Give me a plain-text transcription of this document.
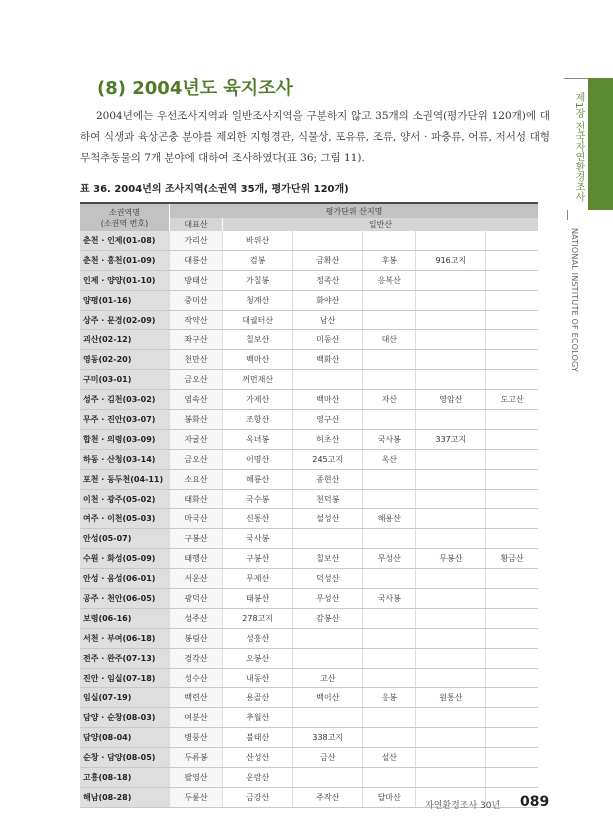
제1장 전국자연환경조사
NATIONAL INSTITUTE OF ECOLOGY
(8) 2004년도 육지조사

2004년에는 우선조사지역과 일반조사지역을 구분하지 않고 35개의 소권역(평가단위 120개)에 대하여 식생과 육상곤충 분야를 제외한 지형경관, 식물상, 포유류, 조류, 양서 · 파충류, 어류, 저서성 대형무척추동물의 7개 분야에 대하여 조사하였다(표 36; 그림 11).

표 36. 2004년의 조사지역(소권역 35개, 평가단위 120개)
소권역명
(소권역 번호)	평가단위 산지명					
	대표산	일반산				
춘천 · 인제(01-08)	가리산	바위산				
춘천 · 홍천(01-09)	대룡산	검봉	금확산	후봉	916고지	
인제 · 양양(01-10)	방태산	가칠봉	정족산	응복산		
양평(01-16)	중미산	청계산	화야산			
상주 · 문경(02-09)	작약산	대궐터산	남산			
괴산(02-12)	좌구산	칠보산	미동산	대산		
영동(02-20)	천만산	백마산	백화산			
구미(03-01)	금오산	꺼먼재산				
성주 · 김천(03-02)	염속산	가제산	백마산	자산	영암산	도고산
무주 · 진안(03-07)	봉화산	조항산	영구산			
합천 · 의령(03-09)	자굴산	옥녀봉	허초산	국사봉	337고지	
하동 · 산청(03-14)	금오산	이명산	245고지	옥산		
포천 · 동두천(04-11)	소요산	해룡산	종현산			
이천 · 광주(05-02)	태화산	국수봉	천덕봉			
여주 · 이천(05-03)	마국산	신통산	설성산	해용산		
안성(05-07)	구봉산	국사봉				
수원 · 화성(05-09)	태행산	구봉산	칠보산	무성산	무봉산	황금산
안성 · 음성(06-01)	서운산	무제산	덕성산			
공주 · 천안(06-05)	광덕산	태봉산	무성산	국사봉		
보령(06-16)	성주산	278고지	감봉산			
서천 · 부여(06-18)	봉림산	성흥산				
전주 · 완주(07-13)	경각산	오봉산				
진안 · 임실(07-18)	성수산	내동산	고산			
임실(07-19)	백련산	용골산	백이산	응봉	원통산	
담양 · 순창(08-03)	여분산	추월산				
담양(08-04)	병풍산	불태산	338고지			
순창 · 담양(08-05)	두류봉	산성산	금산	설산		
고흥(08-18)	팔영산	운람산				
해남(08-28)	두륜산	금강산	주작산	달마산		
자연환경조사 30년 089
